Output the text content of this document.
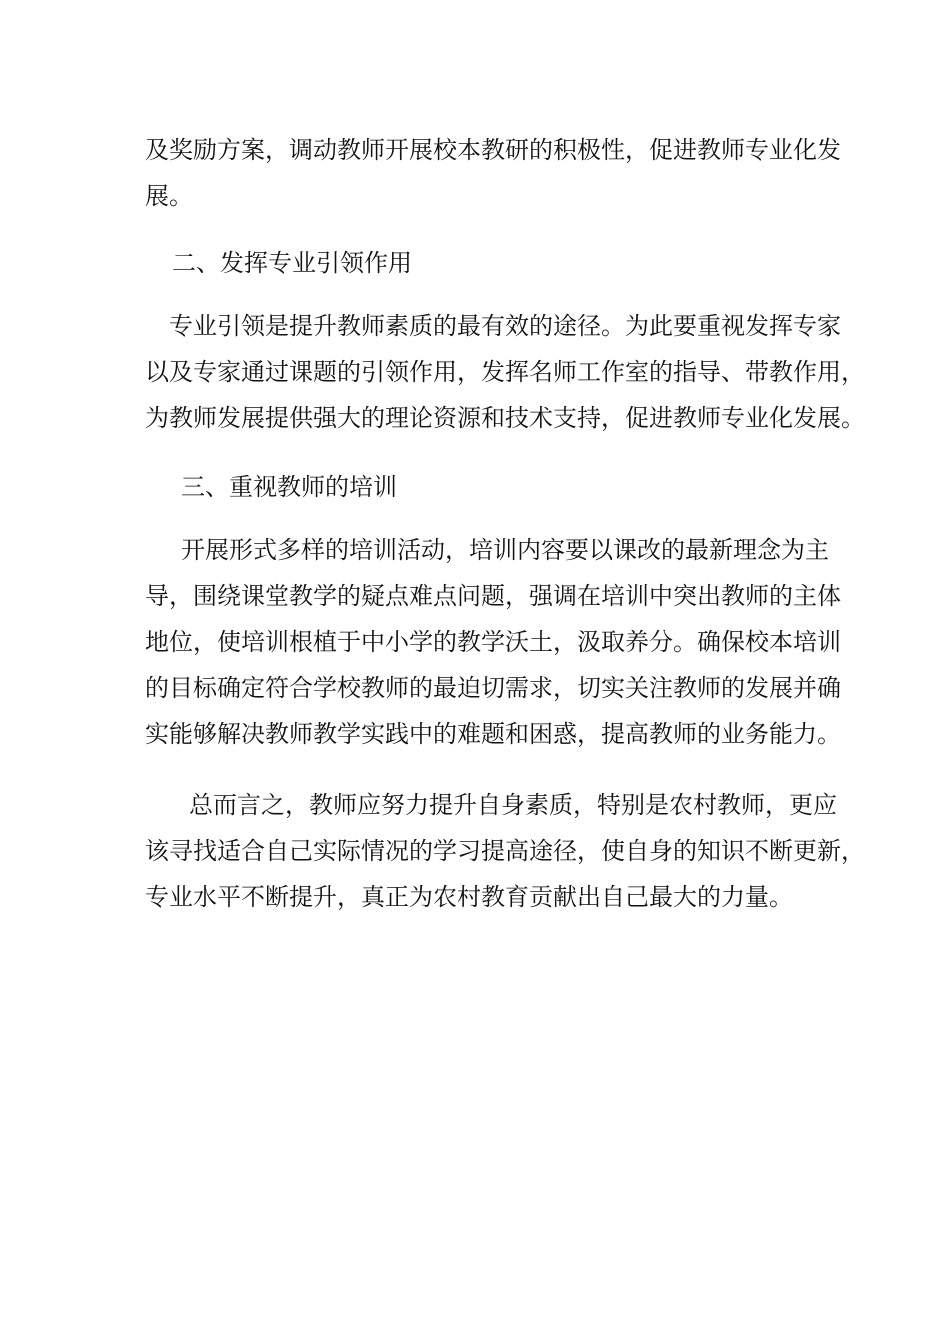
及奖励方案，调动教师开展校本教研的积极性，促进教师专业化发
展。
二、发挥专业引领作用
专业引领是提升教师素质的最有效的途径。为此要重视发挥专家
以及专家通过课题的引领作用，发挥名师工作室的指导、带教作用，
为教师发展提供强大的理论资源和技术支持，促进教师专业化发展。
三、重视教师的培训
开展形式多样的培训活动，培训内容要以课改的最新理念为主
导，围绕课堂教学的疑点难点问题，强调在培训中突出教师的主体
地位，使培训根植于中小学的教学沃土，汲取养分。确保校本培训
的目标确定符合学校教师的最迫切需求，切实关注教师的发展并确
实能够解决教师教学实践中的难题和困惑，提高教师的业务能力。
总而言之，教师应努力提升自身素质，特别是农村教师，更应
该寻找适合自己实际情况的学习提高途径，使自身的知识不断更新，
专业水平不断提升，真正为农村教育贡献出自己最大的力量。
